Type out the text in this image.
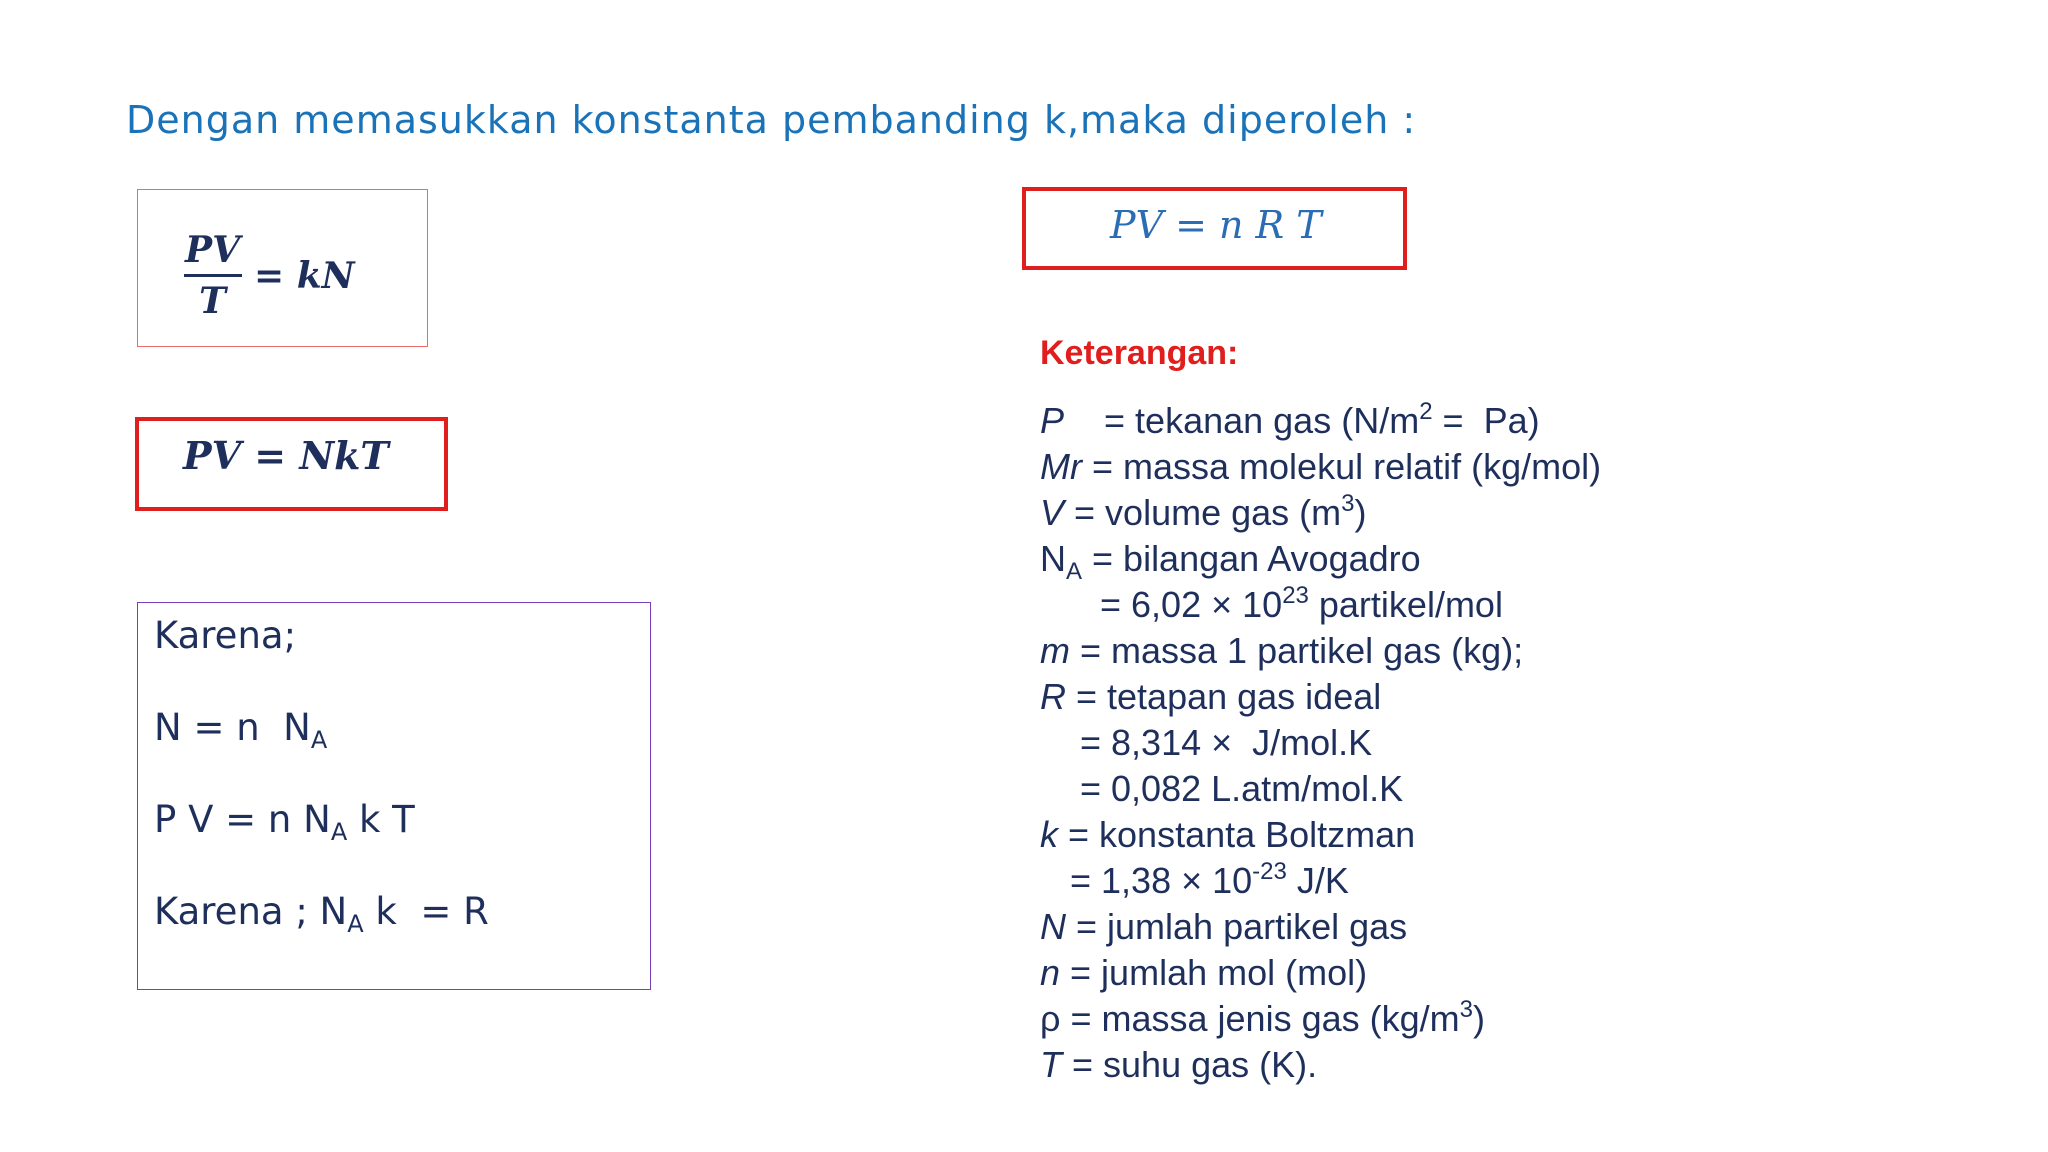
Dengan memasukkan konstanta pembanding k,maka diperoleh :
$\frac{PV}{T}$ = kN
PV = NkT
PV = n R T
Karena;
N = n  $N_A$
P V = n $N_A$ k T
Karena ; $N_A$ k  = R
Keterangan:
P    = tekanan gas $(N/m^2 = Pa)$
Mr = massa molekul relatif (kg/mol)
V = volume gas $(m^3)$
$N_A$ = bilangan Avogadro
= $6,02 \times 10^{23}$ partikel/mol
m = massa 1 partikel gas (kg);
R = tetapan gas ideal
= 8,314 ×  J/mol.K
= 0,082 L.atm/mol.K
k = konstanta Boltzman
= $1,38 \times 10^{-23}$ J/K
N = jumlah partikel gas
n = jumlah mol (mol)
ρ = massa jenis gas $(kg/m^3)$
T = suhu gas (K).
